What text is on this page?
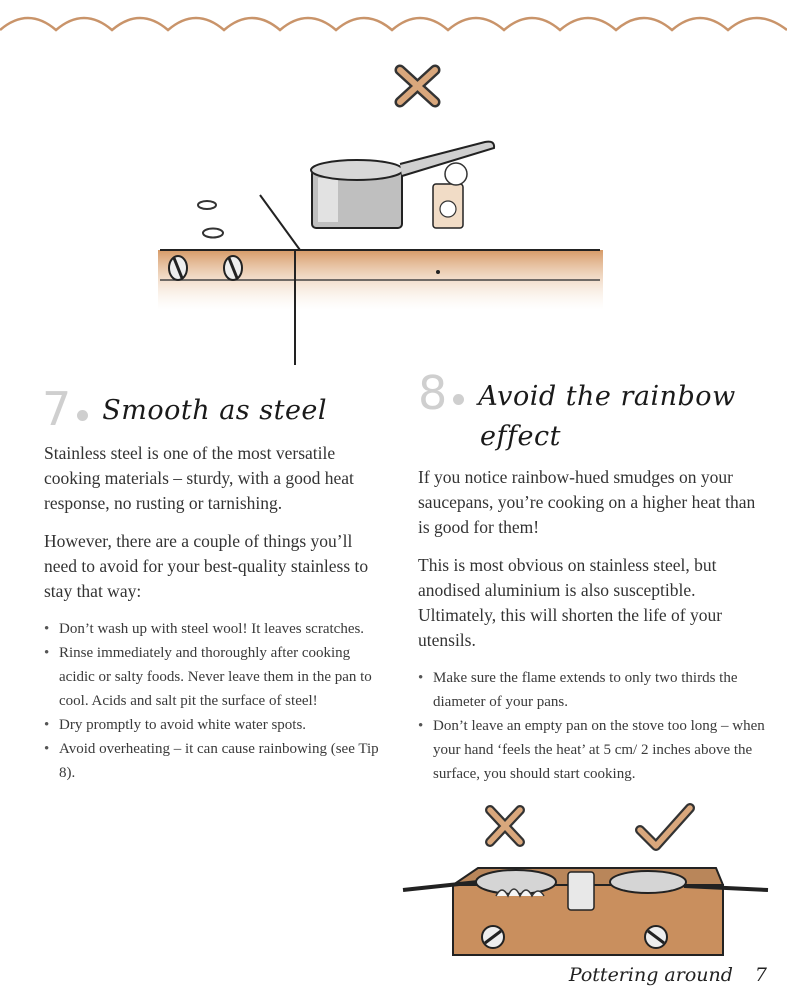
7 Smooth as steel

Stainless steel is one of the most versatile cooking materials – sturdy, with a good heat response, no rusting or tarnishing.

However, there are a couple of things you’ll need to avoid for your best-quality stainless to stay that way:

• Don’t wash up with steel wool! It leaves scratches.
• Rinse immediately and thoroughly after cooking acidic or salty foods. Never leave them in the pan to cool. Acids and salt pit the surface of steel!
• Dry promptly to avoid white water spots.
• Avoid overheating – it can cause rainbowing (see Tip 8).
8 Avoid the rainbow
effect

If you notice rainbow-hued smudges on your saucepans, you’re cooking on a higher heat than is good for them!

This is most obvious on stainless steel, but anodised aluminium is also susceptible. Ultimately, this will shorten the life of your utensils.

• Make sure the flame extends to only two thirds the diameter of your pans.
• Don’t leave an empty pan on the stove too long – when your hand ‘feels the heat’ at 5 cm/ 2 inches above the surface, you should start cooking.
Pottering around 7
